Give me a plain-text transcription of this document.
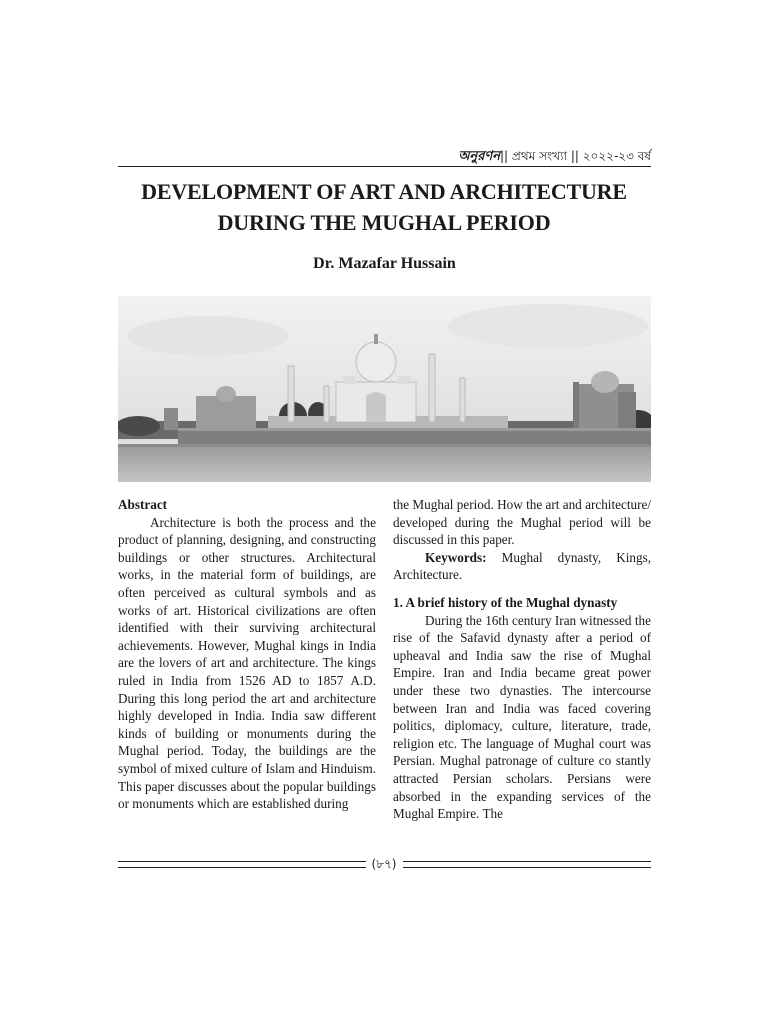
অনুরণন|| প্রথম সংখ্যা || ২০২২-২৩ বর্ষ
DEVELOPMENT OF ART AND ARCHITECTURE
DURING THE MUGHAL PERIOD
Dr. Mazafar Hussain

Abstract

Architecture is both the process and the product of planning, designing, and constructing buildings or other structures. Architectural works, in the material form of buildings, are often perceived as cultural symbols and as works of art. Historical civilizations are often identified with their surviving architectural achievements. However, Mughal kings in India are the lovers of art and architecture. The kings ruled in India from 1526 AD to 1857 A.D. During this long period the art and architecture highly developed in India. India saw different kinds of building or monuments during the Mughal period. Today, the buildings are the symbol of mixed culture of Islam and Hinduism. This paper discusses about the popular buildings or monuments which are established during

the Mughal period. How the art and architecture/ developed during the Mughal period will be discussed in this paper.

Keywords: Mughal dynasty, Kings, Architecture.

1. A brief history of the Mughal dynasty

During the 16th century Iran witnessed the rise of the Safavid dynasty after a period of upheaval and India saw the rise of Mughal Empire. Iran and India became great power under these two dynasties. The intercourse between Iran and India was faced covering politics, diplomacy, culture, literature, trade, religion etc. The language of Mughal court was Persian. Mughal patronage of culture co stantly attracted Persian scholars. Persians were absorbed in the expanding services of the Mughal Empire. The

(৮৭)
